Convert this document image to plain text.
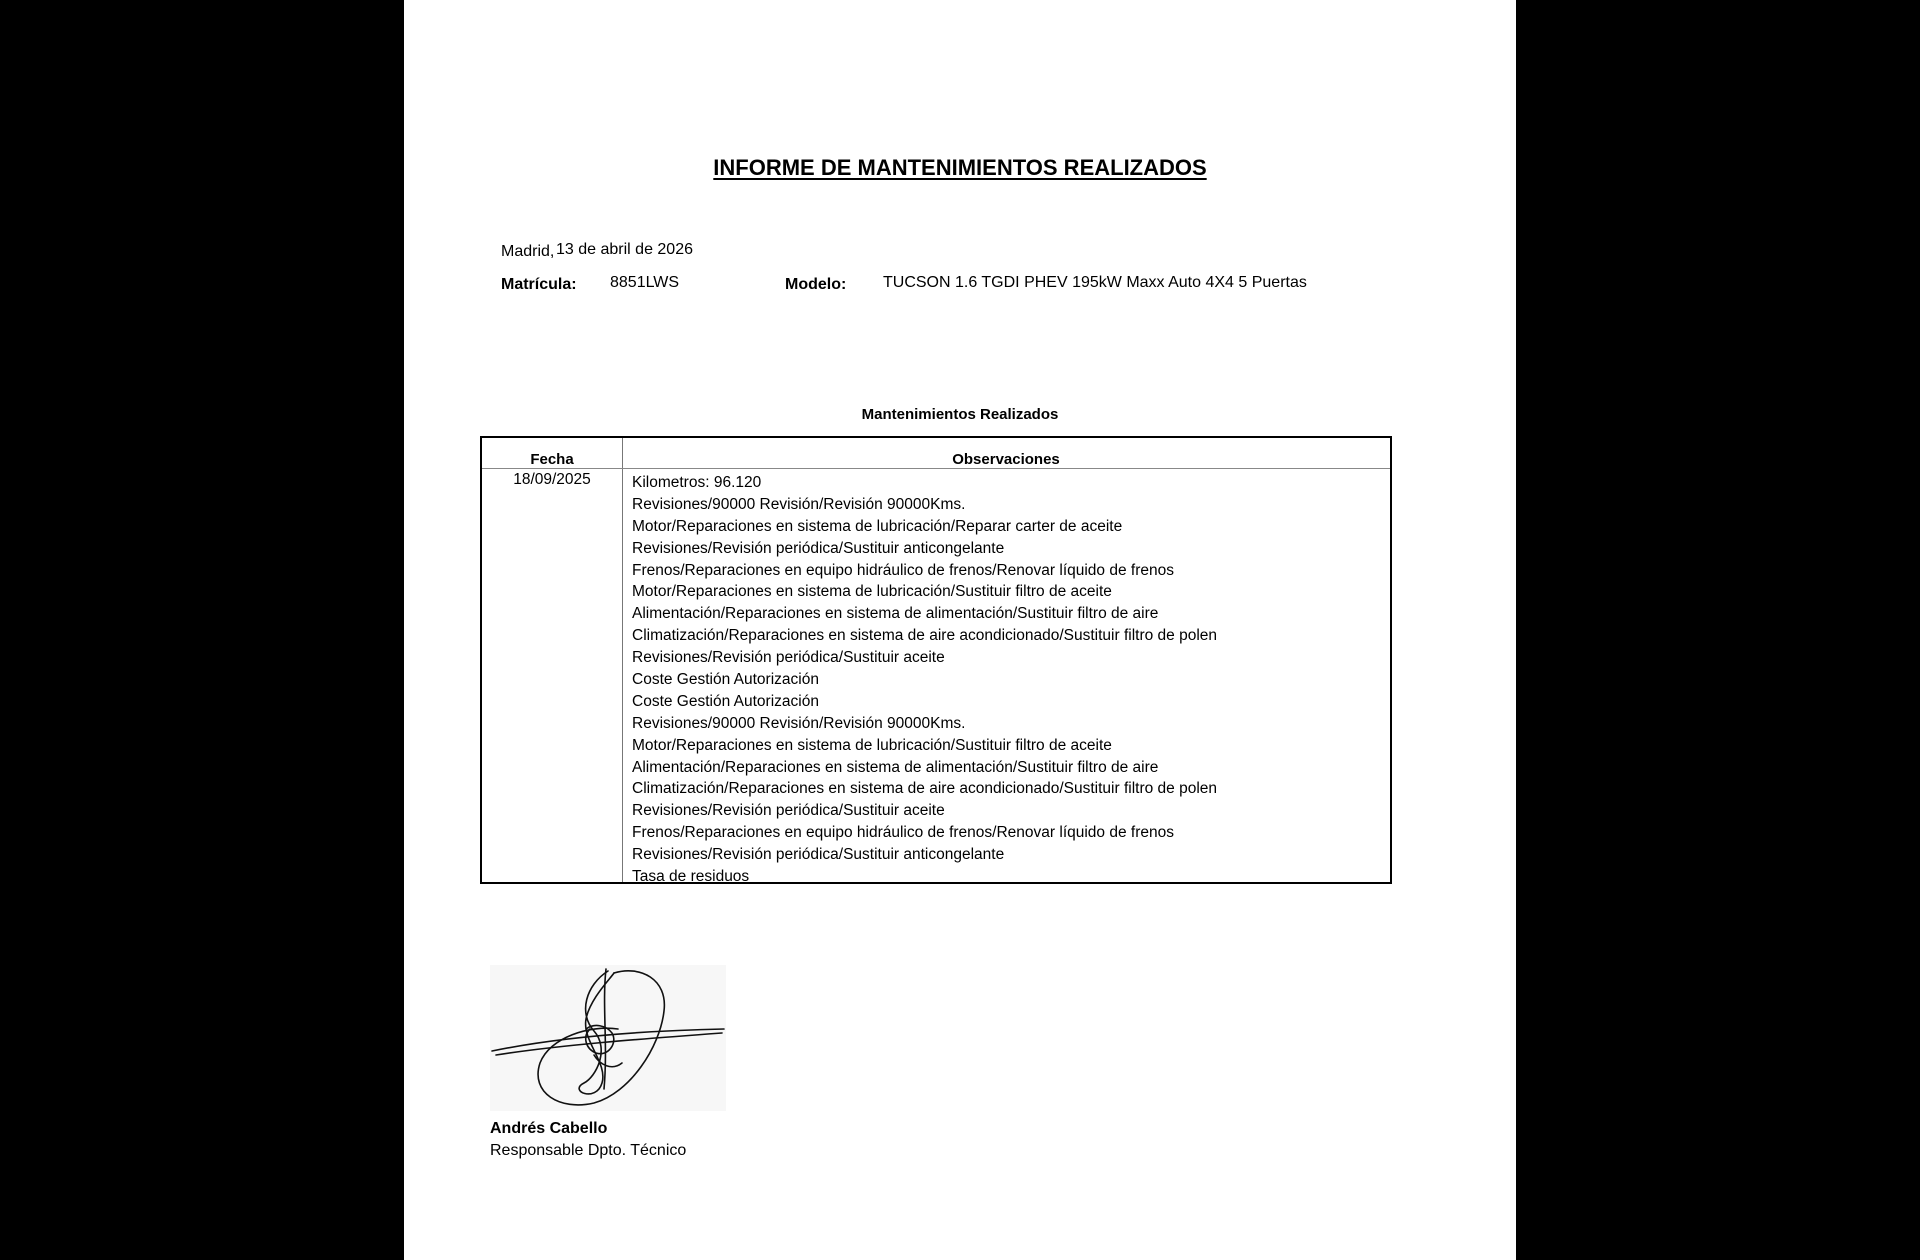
INFORME DE MANTENIMIENTOS REALIZADOS
Madrid, 13 de abril de 2026
Matrícula: 8851LWS	Modelo: TUCSON 1.6 TGDI PHEV 195kW Maxx Auto 4X4 5 Puertas
Mantenimientos Realizados
Fecha	Observaciones
18/09/2025	Kilometros: 96.120
Revisiones/90000 Revisión/Revisión 90000Kms.
Motor/Reparaciones en sistema de lubricación/Reparar carter de aceite
Revisiones/Revisión periódica/Sustituir anticongelante
Frenos/Reparaciones en equipo hidráulico de frenos/Renovar líquido de frenos
Motor/Reparaciones en sistema de lubricación/Sustituir filtro de aceite
Alimentación/Reparaciones en sistema de alimentación/Sustituir filtro de aire
Climatización/Reparaciones en sistema de aire acondicionado/Sustituir filtro de polen
Revisiones/Revisión periódica/Sustituir aceite
Coste Gestión Autorización
Coste Gestión Autorización
Revisiones/90000 Revisión/Revisión 90000Kms.
Motor/Reparaciones en sistema de lubricación/Sustituir filtro de aceite
Alimentación/Reparaciones en sistema de alimentación/Sustituir filtro de aire
Climatización/Reparaciones en sistema de aire acondicionado/Sustituir filtro de polen
Revisiones/Revisión periódica/Sustituir aceite
Frenos/Reparaciones en equipo hidráulico de frenos/Renovar líquido de frenos
Revisiones/Revisión periódica/Sustituir anticongelante
Tasa de residuos
Andrés Cabello
Responsable Dpto. Técnico
